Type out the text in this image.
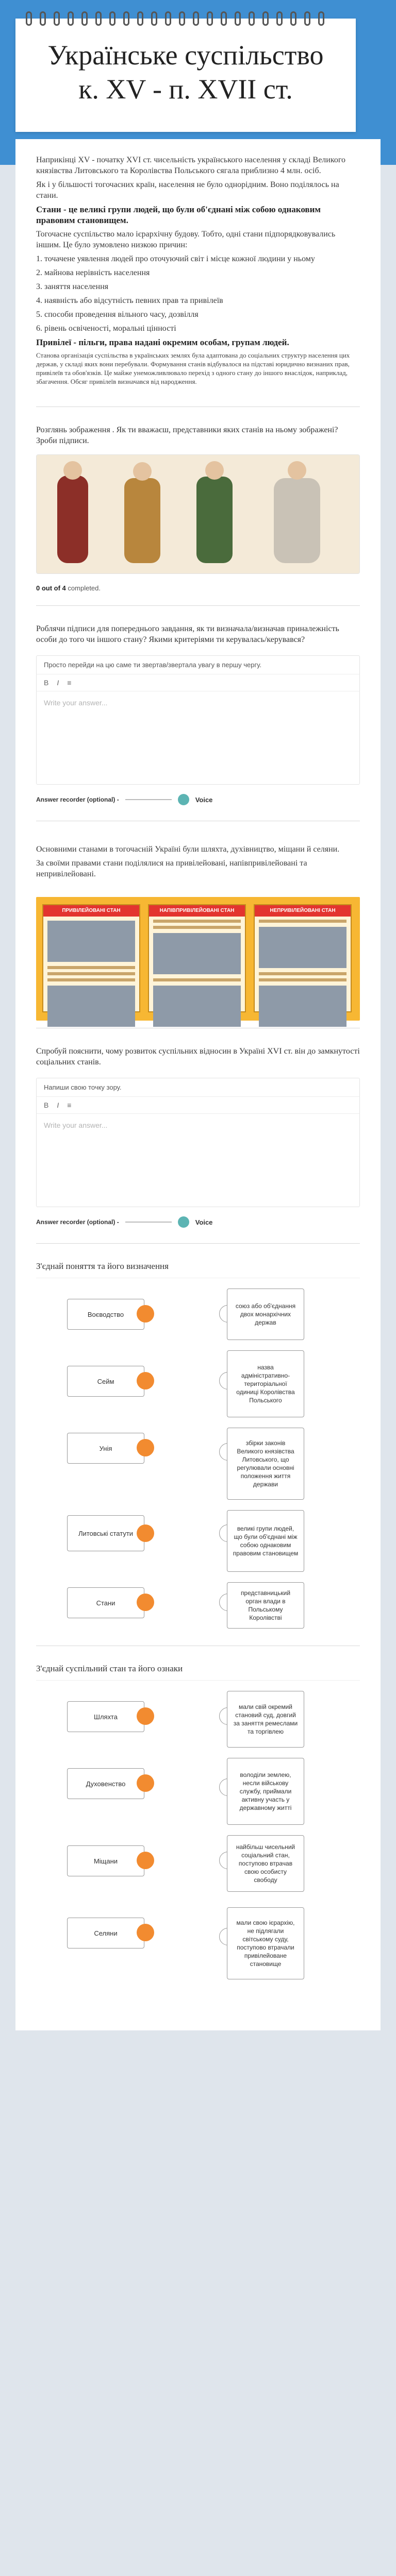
Українське суспільство к. XV - п. XVII ст.

Наприкінці XV - початку XVI ст. чисельність українського населення у складі Великого князівства Литовського та Королівства Польського сягала приблизно 4 млн. осіб.

Як і у більшості тогочасних країн, населення не було однорідним. Воно поділялось на стани.

Стани - це великі групи людей, що були об'єднані між собою однаковим правовим становищем.

Тогочасне суспільство мало ієрархічну будову. Тобто, одні стани підпорядковувались іншим. Це було зумовлено низкою причин:

1. точачене уявлення людей про оточуючий світ і місце кожної людини у ньому

2. майнова нерівність населення

3. заняття населення

4. наявність або відсутність певних прав та привілеїв

5. способи проведення вільного часу, дозвілля

6. рівень освіченості, моральні цінності

Привілеї - пільги, права надані окремим особам, групам людей.

Станова організація суспільства в українських землях була адаптована до соціальних структур населення цих держав, у складі яких вони перебували. Формування станів відбувалося на підставі юридично визнаних прав, привілеїв та обов'язків. Це майже унеможливлювало перехід з одного стану до іншого внаслідок, наприклад, збагачення. Обсяг привілеїв визначався від народження.

Розглянь зображення . Як ти вважаєш, представники яких станів на ньому зображені? Зроби підписи.
0 out of 4 completed.
Роблячи підписи для попереднього завдання, як ти визначала/визначав приналежність особи до того чи іншого стану? Якими критеріями ти керувалась/керувався?
Просто перейди на цю саме ти звертав/звертала увагу в першу чергу.
B I ≡
Write your answer...
Answer recorder (optional) -	Voice

Основними станами в тогочасній Україні були шляхта, духівництво, міщани й селяни.

За своїми правами стани поділялися на привілейовані, напівпривілейовані та непривілейовані.

ПРИВІЛЕЙОВАНІ СТАН	НАПІВПРИВІЛЕЙОВАНІ СТАН	НЕПРИВІЛЕЙОВАНІ СТАН
Спробуй пояснити, чому розвиток суспільних відносин в Україні XVI ст. він до замкнутості соціальних станів.
Напиши свою точку зору.
B I ≡
Write your answer...
Answer recorder (optional) -	Voice
З'єднай поняття та його визначення
Воєводство
союз або об'єднання двох монархічних держав
Сейм
назва адміністративно-територіальної одиниці Королівства Польського
Унія
збірки законів Великого князівства Литовського, що регулювали основні положення життя держави
Литовські статути
великі групи людей, що були об'єднані між собою однаковим правовим становищем
Стани
представницький орган влади в Польському Королівстві
З'єднай суспільний стан та його ознаки
Шляхта
мали свій окремий становий суд, довгий за заняття ремеслами та торгівлею
Духовенство
володіли землею, несли військову службу, приймали активну участь у державному житті
Міщани
найбільш чисельний соціальний стан, поступово втрачав свою особисту свободу
Селяни
мали свою ієрархію, не підлягали світському суду, поступово втрачали привілейоване становище
